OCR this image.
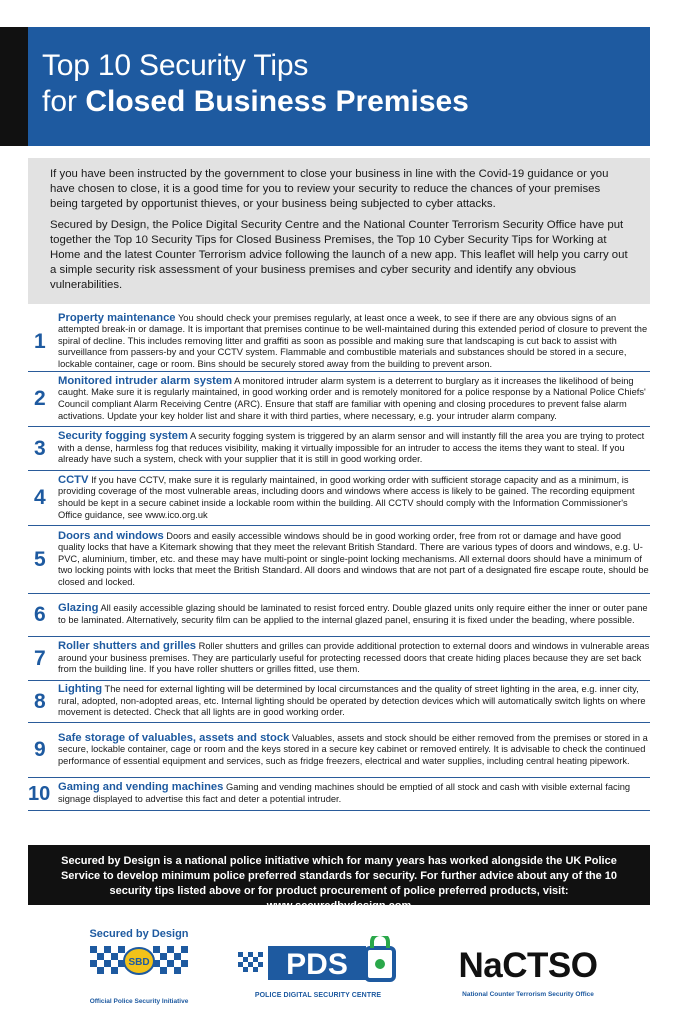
Top 10 Security Tips
for Closed Business Premises

If you have been instructed by the government to close your business in line with the Covid-19 guidance or you have chosen to close, it is a good time for you to review your security to reduce the chances of your premises being targeted by opportunist thieves, or your business being subjected to cyber attacks.

Secured by Design, the Police Digital Security Centre and the National Counter Terrorism Security Office have put together the Top 10 Security Tips for Closed Business Premises, the Top 10 Cyber Security Tips for Working at Home and the latest Counter Terrorism advice following the launch of a new app. This leaflet will help you carry out a simple security risk assessment of your business premises and cyber security and identify any obvious vulnerabilities.

1
Property maintenance You should check your premises regularly, at least once a week, to see if there are any obvious signs of an attempted break-in or damage. It is important that premises continue to be well-maintained during this extended period of closure to prevent the spiral of decline. This includes removing litter and graffiti as soon as possible and making sure that landscaping is cut back to assist with surveillance from passers-by and your CCTV system. Flammable and combustible materials and substances should be stored in a secure, lockable container, cage or room. Bins should be securely stored away from the building to prevent arson.
2
Monitored intruder alarm system A monitored intruder alarm system is a deterrent to burglary as it increases the likelihood of being caught. Make sure it is regularly maintained, in good working order and is remotely monitored for a police response by a National Police Chiefs' Council compliant Alarm Receiving Centre (ARC). Ensure that staff are familiar with opening and closing procedures to prevent false alarm activations. Update your key holder list and share it with third parties, where necessary, e.g. your intruder alarm company.
3
Security fogging system A security fogging system is triggered by an alarm sensor and will instantly fill the area you are trying to protect with a dense, harmless fog that reduces visibility, making it virtually impossible for an intruder to access the items they want to steal. If you already have such a system, check with your supplier that it is still in good working order.
4
CCTV If you have CCTV, make sure it is regularly maintained, in good working order with sufficient storage capacity and as a minimum, is providing coverage of the most vulnerable areas, including doors and windows where access is likely to be gained. The recording equipment should be kept in a secure cabinet inside a lockable room within the building. All CCTV should comply with the Information Commissioner's Office guidance, see www.ico.org.uk
5
Doors and windows Doors and easily accessible windows should be in good working order, free from rot or damage and have good quality locks that have a Kitemark showing that they meet the relevant British Standard. There are various types of doors and windows, e.g. U-PVC, aluminium, timber, etc. and these may have multi-point or single-point locking mechanisms. All external doors should have a minimum of two locking points with locks that meet the British Standard. All doors and windows that are not part of a designated fire escape route, should be closed and locked.
6	Glazing All easily accessible glazing should be laminated to resist forced entry. Double glazed units only require either the inner or outer pane to be laminated. Alternatively, security film can be applied to the internal glazed panel, ensuring it is fixed under the beading, where possible.
7
Roller shutters and grilles Roller shutters and grilles can provide additional protection to external doors and windows in vulnerable areas around your business premises. They are particularly useful for protecting recessed doors that create hiding places because they are set back from the building line. If you have roller shutters or grilles fitted, use them.
8
Lighting The need for external lighting will be determined by local circumstances and the quality of street lighting in the area, e.g. inner city, rural, adopted, non-adopted areas, etc. Internal lighting should be operated by detection devices which will automatically switch lights on where movement is detected. Check that all lights are in good working order.
9
Safe storage of valuables, assets and stock Valuables, assets and stock should be either removed from the premises or stored in a secure, lockable container, cage or room and the keys stored in a secure key cabinet or removed entirely. It is advisable to check the continued performance of essential equipment and services, such as fridge freezers, electrical and water supplies, including central heating pipework.
10 Gaming and vending machines Gaming and vending machines should be emptied of all stock and cash with visible external facing signage displayed to advertise this fact and deter a potential intruder.
Secured by Design is a national police initiative which for many years has worked alongside the UK Police Service to develop minimum police preferred standards for security. For further advice about any of the 10 security tips listed above or for product procurement of police preferred products, visit: www.securedbydesign.com
Secured by Design
SBD
Official Police Security Initiative
PDS
POLICE DIGITAL SECURITY CENTRE
NaCTSO
National Counter Terrorism Security Office
